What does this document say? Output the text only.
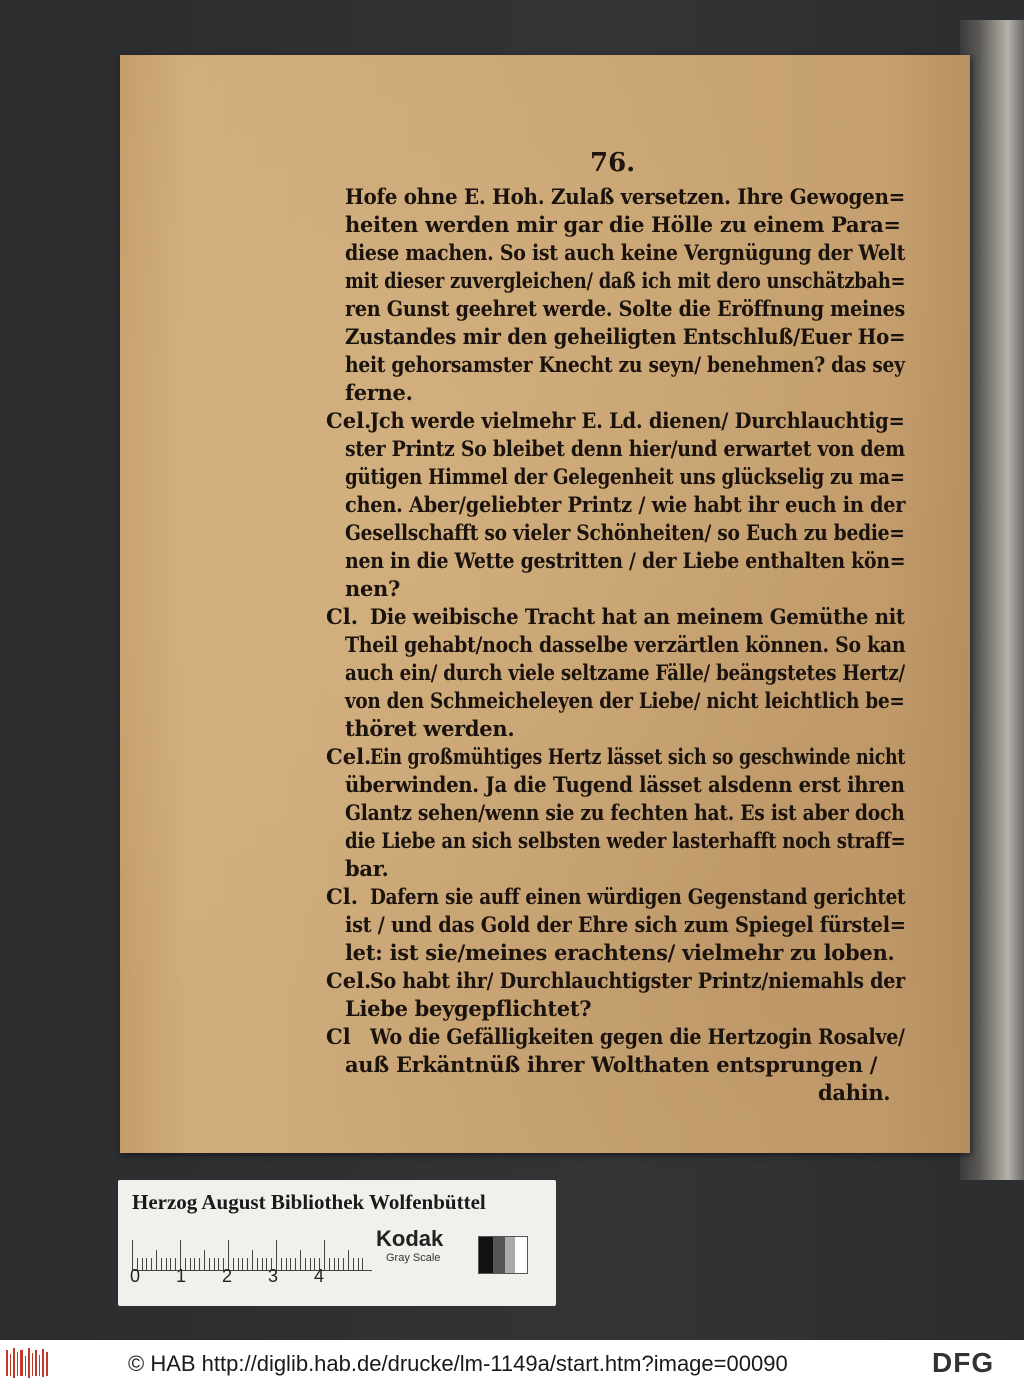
76.
Hofe ohne E. Hoh. Zulaß versetzen. Ihre Gewogen=
heiten werden mir gar die Hölle zu einem Para=
diese machen. So ist auch keine Vergnügung der Welt
mit dieser zuvergleichen/ daß ich mit dero unschätzbah=
ren Gunst geehret werde. Solte die Eröffnung meines
Zustandes mir den geheiligten Entschluß/Euer Ho=
heit gehorsamster Knecht zu seyn/ benehmen? das sey
ferne.
Jch werde vielmehr E. Ld. dienen/ Durchlauchtig=
ster Printz So bleibet denn hier/und erwartet von dem
gütigen Himmel der Gelegenheit uns glückselig zu ma=
chen. Aber/geliebter Printz / wie habt ihr euch in der
Gesellschafft so vieler Schönheiten/ so Euch zu bedie=
nen in die Wette gestritten / der Liebe enthalten kön=
nen?
Die weibische Tracht hat an meinem Gemüthe nit
Theil gehabt/noch dasselbe verzärtlen können. So kan
auch ein/ durch viele seltzame Fälle/ beängstetes Hertz/
von den Schmeicheleyen der Liebe/ nicht leichtlich be=
thöret werden.
Ein großmühtiges Hertz lässet sich so geschwinde nicht
überwinden. Ja die Tugend lässet alsdenn erst ihren
Glantz sehen/wenn sie zu fechten hat. Es ist aber doch
die Liebe an sich selbsten weder lasterhafft noch straff=
bar.
Dafern sie auff einen würdigen Gegenstand gerichtet
ist / und das Gold der Ehre sich zum Spiegel fürstel=
let: ist sie/meines erachtens/ vielmehr zu loben.
So habt ihr/ Durchlauchtigster Printz/niemahls der
Liebe beygepflichtet?
Wo die Gefälligkeiten gegen die Hertzogin Rosalve/
auß Erkäntnüß ihrer Wolthaten entsprungen /
dahin.
Cel.
Cl.
Cel.
Cl.
Cel.
Cl
Herzog August Bibliothek Wolfenbüttel
0 1 2 3 4
Kodak
Gray Scale
© HAB http://diglib.hab.de/drucke/lm-1149a/start.htm?image=00090	DFG
